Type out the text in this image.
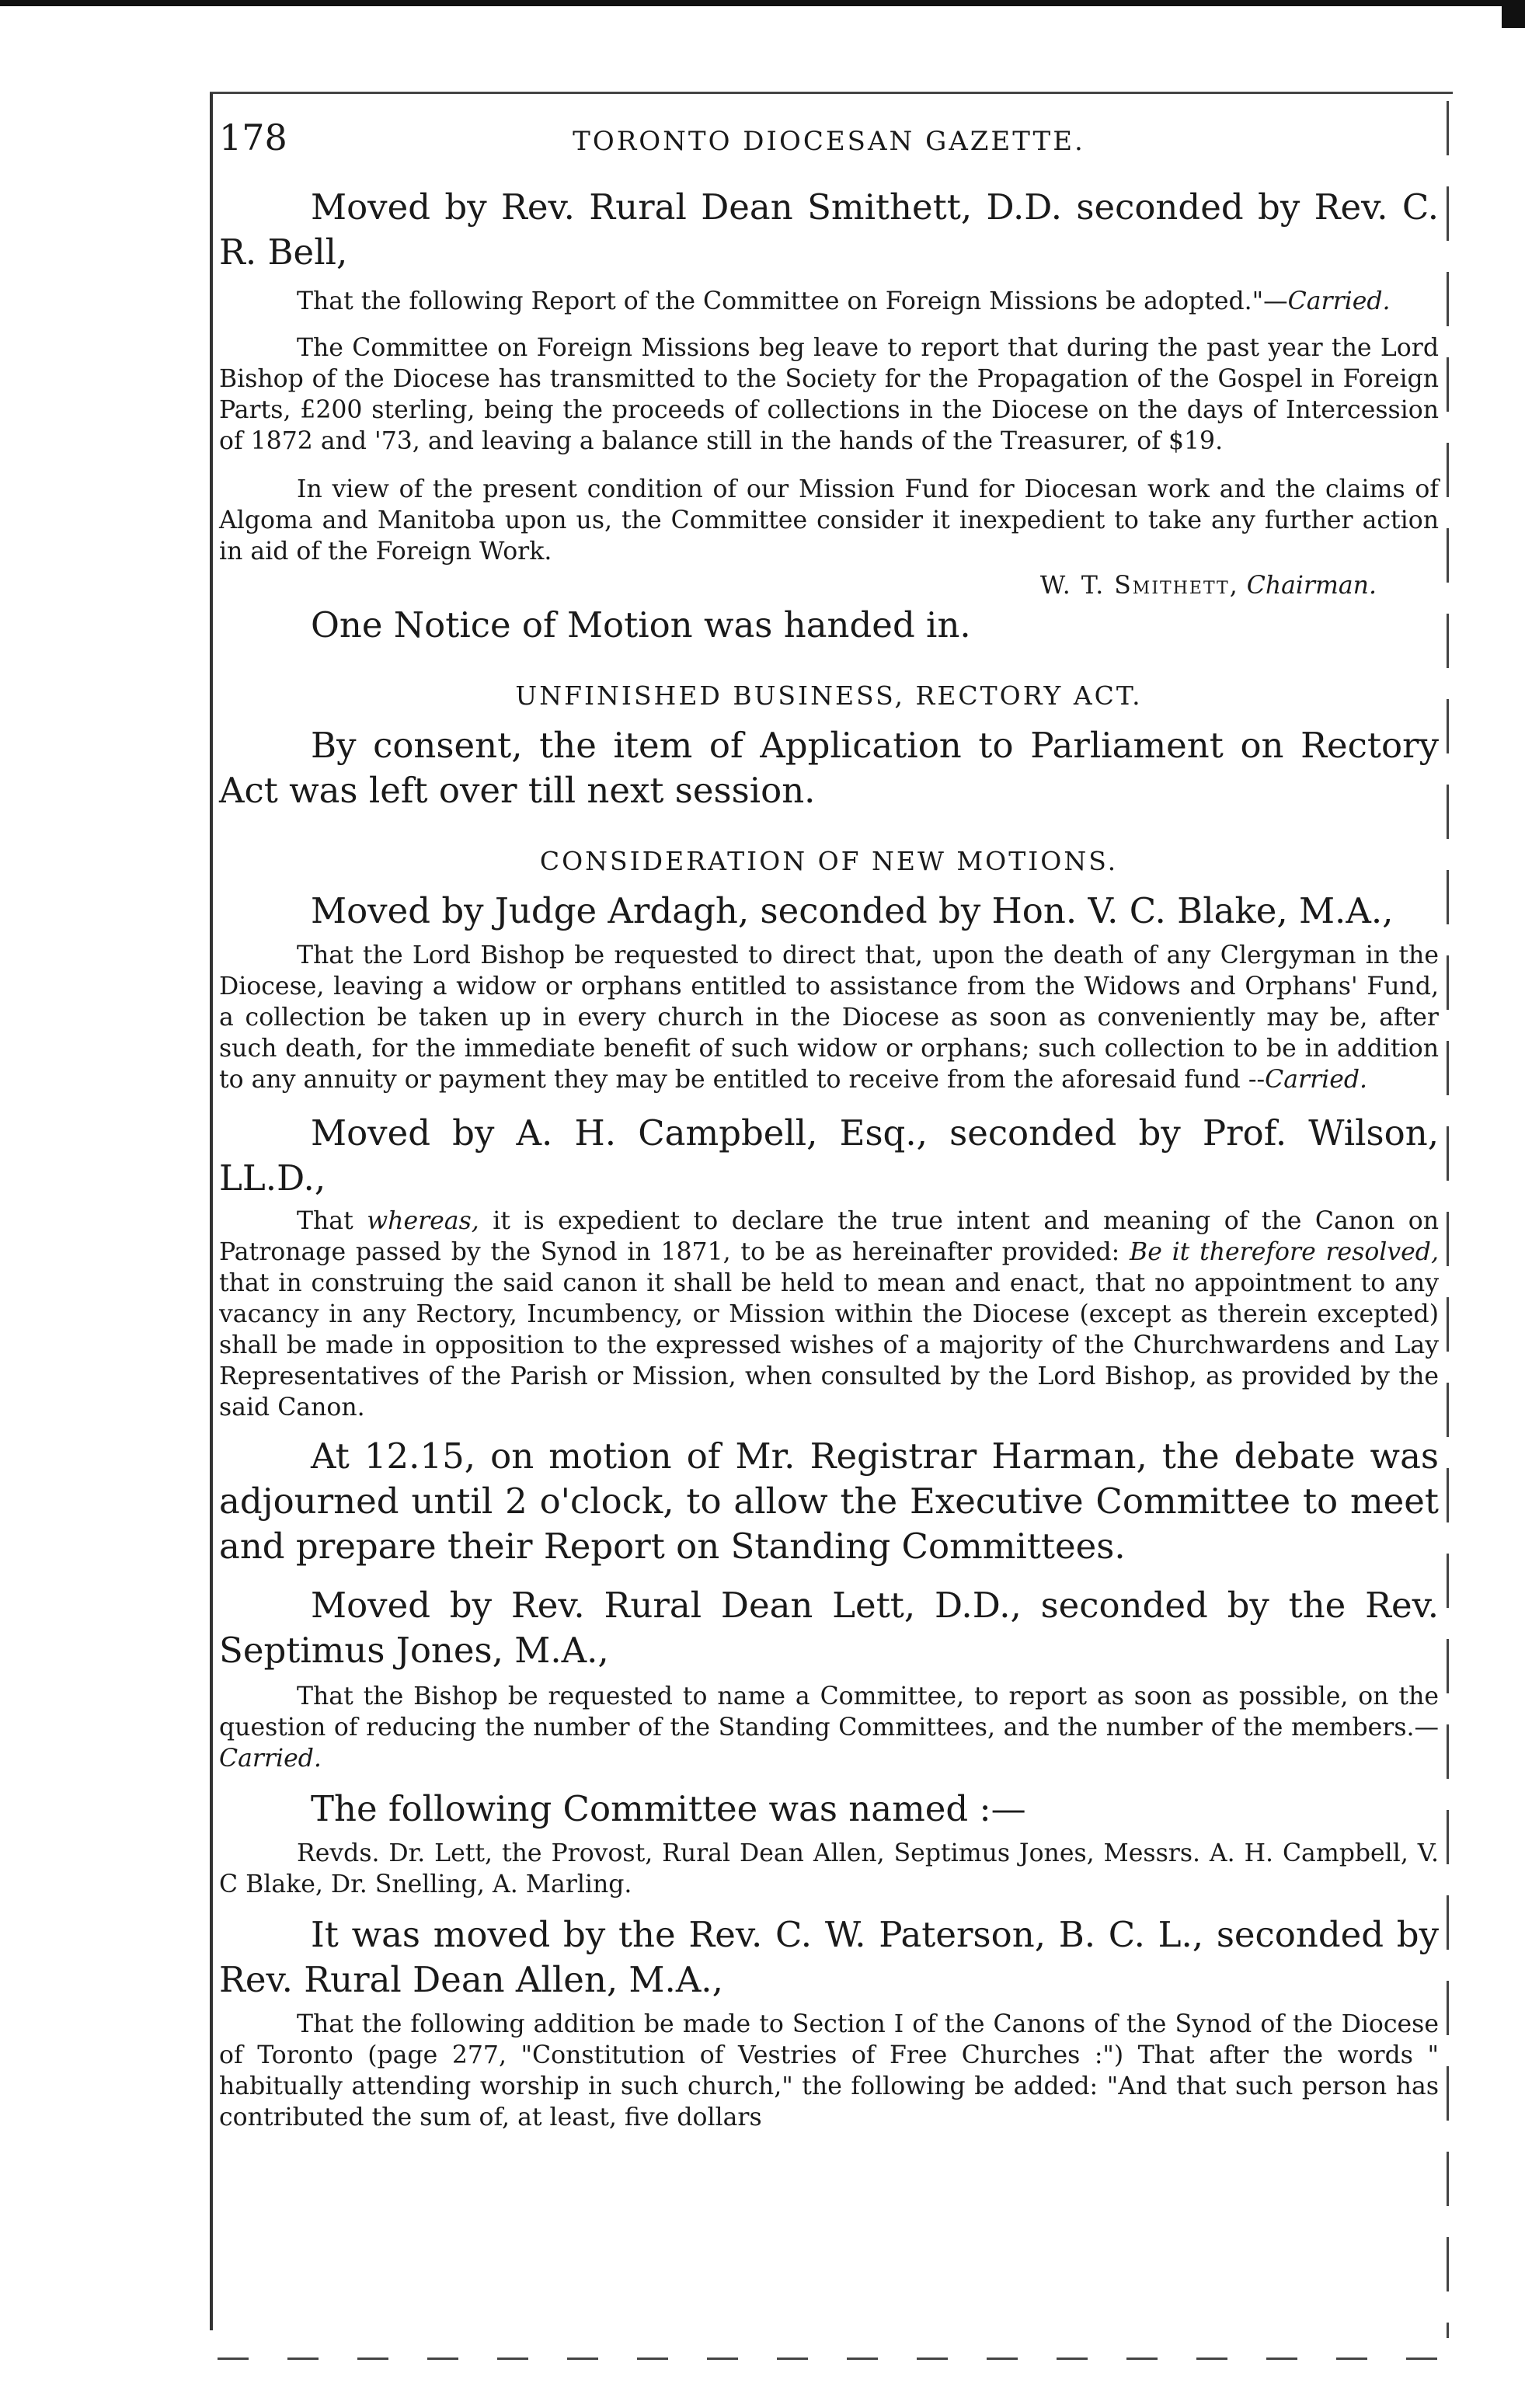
178	TORONTO DIOCESAN GAZETTE.

Moved by Rev. Rural Dean Smithett, D.D. seconded by Rev. C. R. Bell,

That the following Report of the Committee on Foreign Missions be adopted."—Carried.

The Committee on Foreign Missions beg leave to report that during the past year the Lord Bishop of the Diocese has transmitted to the Society for the Propagation of the Gospel in Foreign Parts, £200 sterling, being the proceeds of collections in the Diocese on the days of Intercession of 1872 and '73, and leaving a balance still in the hands of the Treasurer, of $19.

In view of the present condition of our Mission Fund for Diocesan work and the claims of Algoma and Manitoba upon us, the Committee consider it inexpedient to take any further action in aid of the Foreign Work.

W. T. Smithett, Chairman.

One Notice of Motion was handed in.

UNFINISHED BUSINESS, RECTORY ACT.

By consent, the item of Application to Parliament on Rectory Act was left over till next session.

CONSIDERATION OF NEW MOTIONS.

Moved by Judge Ardagh, seconded by Hon. V. C. Blake, M.A.,

That the Lord Bishop be requested to direct that, upon the death of any Clergyman in the Diocese, leaving a widow or orphans entitled to assistance from the Widows and Orphans' Fund, a collection be taken up in every church in the Diocese as soon as conveniently may be, after such death, for the immediate benefit of such widow or orphans; such collection to be in addition to any annuity or payment they may be entitled to receive from the aforesaid fund --Carried.

Moved by A. H. Campbell, Esq., seconded by Prof. Wilson, LL.D.,

That whereas, it is expedient to declare the true intent and meaning of the Canon on Patronage passed by the Synod in 1871, to be as hereinafter provided: Be it therefore resolved, that in construing the said canon it shall be held to mean and enact, that no appointment to any vacancy in any Rectory, Incumbency, or Mission within the Diocese (except as therein excepted) shall be made in opposition to the expressed wishes of a majority of the Churchwardens and Lay Representatives of the Parish or Mission, when consulted by the Lord Bishop, as provided by the said Canon.

At 12.15, on motion of Mr. Registrar Harman, the debate was adjourned until 2 o'clock, to allow the Executive Committee to meet and prepare their Report on Standing Committees.

Moved by Rev. Rural Dean Lett, D.D., seconded by the Rev. Septimus Jones, M.A.,

That the Bishop be requested to name a Committee, to report as soon as possible, on the question of reducing the number of the Standing Committees, and the number of the members.—Carried.

The following Committee was named :—

Revds. Dr. Lett, the Provost, Rural Dean Allen, Septimus Jones, Messrs. A. H. Campbell, V. C Blake, Dr. Snelling, A. Marling.

It was moved by the Rev. C. W. Paterson, B. C. L., seconded by Rev. Rural Dean Allen, M.A.,

That the following addition be made to Section I of the Canons of the Synod of the Diocese of Toronto (page 277, "Constitution of Vestries of Free Churches :") That after the words " habitually attending worship in such church," the following be added: "And that such person has contributed the sum of, at least, five dollars
